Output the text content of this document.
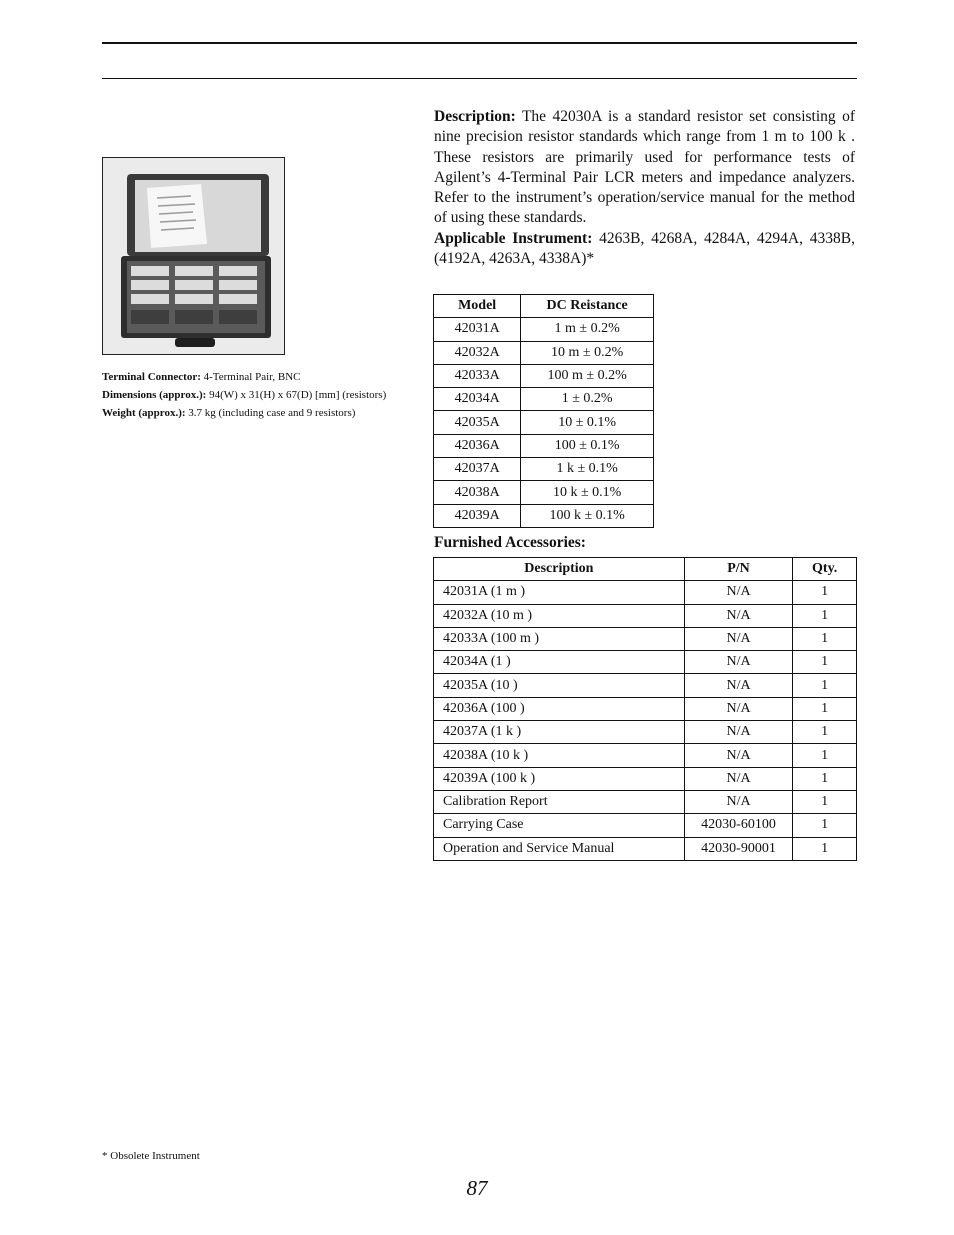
Terminal Connector: 4-Terminal Pair, BNC

Dimensions (approx.): 94(W) x 31(H) x 67(D) [mm] (resistors)

Weight (approx.): 3.7 kg (including case and 9 resistors)

Description: The 42030A is a standard resistor set consisting of nine precision resistor standards which range from 1 m to 100 k . These resistors are primarily used for performance tests of Agilent’s 4-Terminal Pair LCR meters and impedance analyzers. Refer to the instrument’s operation/service manual for the method of using these standards.

Applicable Instrument: 4263B, 4268A, 4284A, 4294A, 4338B, (4192A, 4263A, 4338A)*

Model	DC Reistance
42031A	1 m ± 0.2%
42032A	10 m ± 0.2%
42033A	100 m ± 0.2%
42034A	1 ± 0.2%
42035A	10 ± 0.1%
42036A	100 ± 0.1%
42037A	1 k ± 0.1%
42038A	10 k ± 0.1%
42039A	100 k ± 0.1%
Furnished Accessories:
Description	P/N	Qty.
42031A (1 m )	N/A	1
42032A (10 m )	N/A	1
42033A (100 m )	N/A	1
42034A (1 )	N/A	1
42035A (10 )	N/A	1
42036A (100 )	N/A	1
42037A (1 k )	N/A	1
42038A (10 k )	N/A	1
42039A (100 k )	N/A	1
Calibration Report	N/A	1
Carrying Case	42030-60100	1
Operation and Service Manual	42030-90001	1
* Obsolete Instrument
87
